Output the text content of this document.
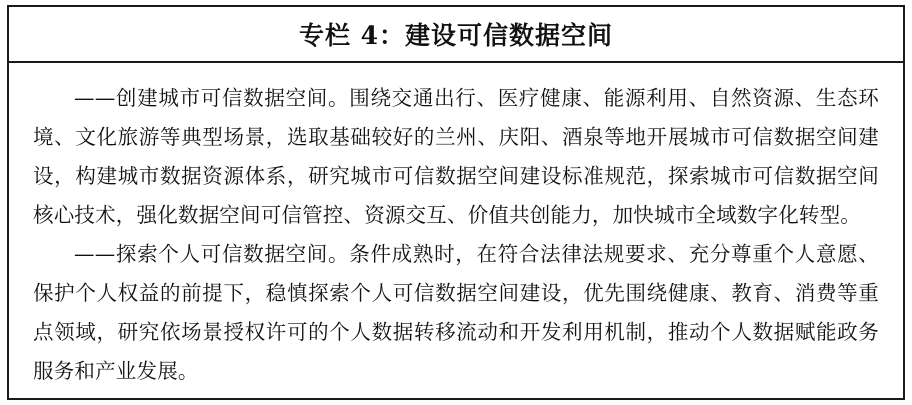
专栏 4：建设可信数据空间

——创建城市可信数据空间。围绕交通出行、医疗健康、能源利用、自然资源、生态环境、文化旅游等典型场景，选取基础较好的兰州、庆阳、酒泉等地开展城市可信数据空间建设，构建城市数据资源体系，研究城市可信数据空间建设标准规范，探索城市可信数据空间核心技术，强化数据空间可信管控、资源交互、价值共创能力，加快城市全域数字化转型。

——探索个人可信数据空间。条件成熟时，在符合法律法规要求、充分尊重个人意愿、保护个人权益的前提下，稳慎探索个人可信数据空间建设，优先围绕健康、教育、消费等重点领域，研究依场景授权许可的个人数据转移流动和开发利用机制，推动个人数据赋能政务服务和产业发展。
